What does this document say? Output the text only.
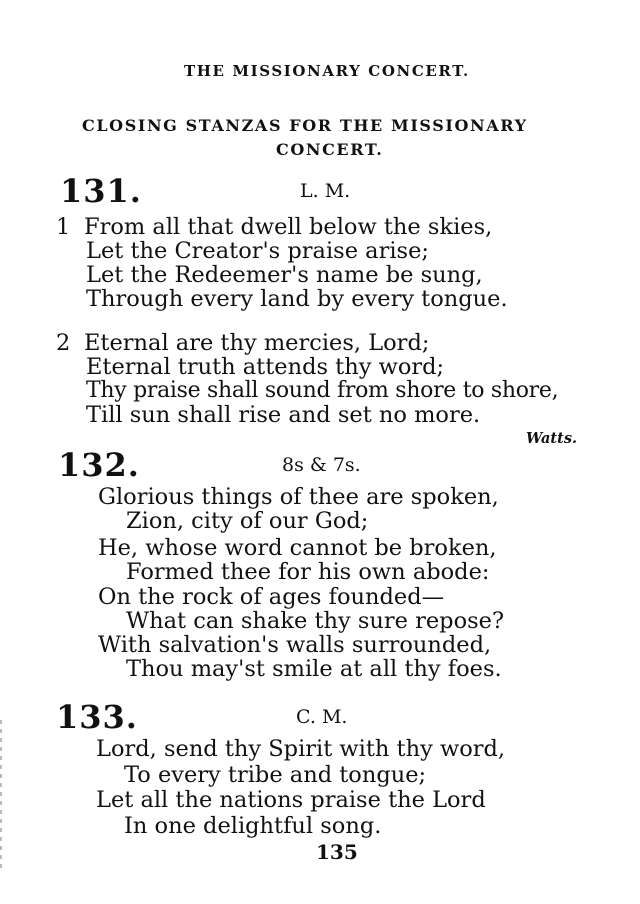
THE MISSIONARY CONCERT.
CLOSING STANZAS FOR THE MISSIONARY
CONCERT.
131.	L. M.
1 From all that dwell below the skies,
Let the Creator's praise arise;
Let the Redeemer's name be sung,
Through every land by every tongue.
2 Eternal are thy mercies, Lord;
Eternal truth attends thy word;
Thy praise shall sound from shore to shore,
Till sun shall rise and set no more.
Watts.
132.	8s & 7s.
Glorious things of thee are spoken,
Zion, city of our God;
He, whose word cannot be broken,
Formed thee for his own abode:
On the rock of ages founded—
What can shake thy sure repose?
With salvation's walls surrounded,
Thou may'st smile at all thy foes.
133.	C. M.
Lord, send thy Spirit with thy word,
To every tribe and tongue;
Let all the nations praise the Lord
In one delightful song.
135
